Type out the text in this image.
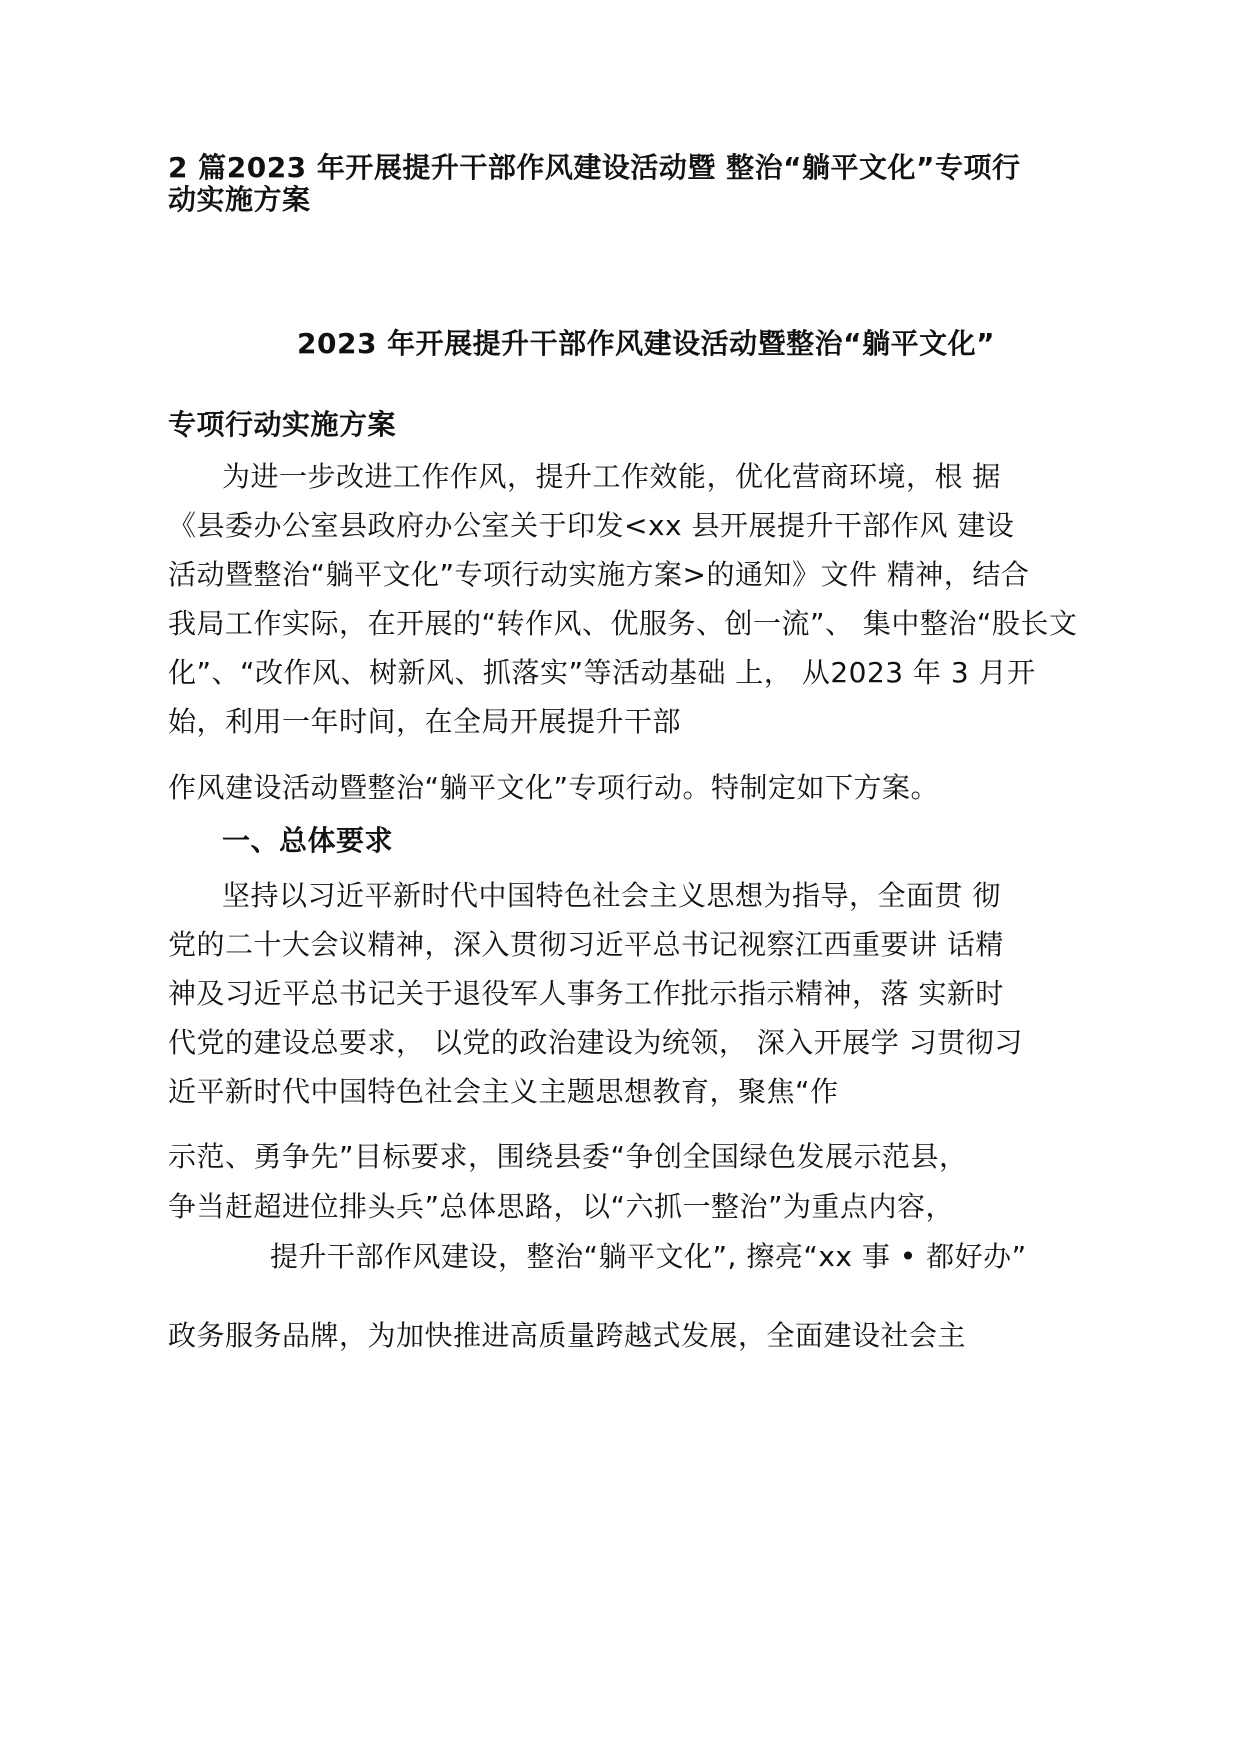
2 篇2023 年开展提升干部作风建设活动暨 整治“躺平文化”专项行
动实施方案
2023 年开展提升干部作风建设活动暨整治“躺平文化”
专项行动实施方案
为进一步改进工作作风，提升工作效能，优化营商环境，根 据
《县委办公室县政府办公室关于印发<xx 县开展提升干部作风 建设
活动暨整治“躺平文化”专项行动实施方案>的通知》文件 精神，结合
我局工作实际，在开展的“转作风、优服务、创一流”、 集中整治“股长文
化”、“改作风、树新风、抓落实”等活动基础 上， 从2023 年 3 月开
始，利用一年时间，在全局开展提升干部
作风建设活动暨整治“躺平文化”专项行动。特制定如下方案。
一、总体要求
坚持以习近平新时代中国特色社会主义思想为指导，全面贯 彻
党的二十大会议精神，深入贯彻习近平总书记视察江西重要讲 话精
神及习近平总书记关于退役军人事务工作批示指示精神，落 实新时
代党的建设总要求， 以党的政治建设为统领， 深入开展学 习贯彻习
近平新时代中国特色社会主义主题思想教育，聚焦“作
示范、勇争先”目标要求，围绕县委“争创全国绿色发展示范县，
争当赶超进位排头兵”总体思路，以“六抓一整治”为重点内容，
提升干部作风建设，整治“躺平文化”, 擦亮“xx 事 • 都好办”
政务服务品牌，为加快推进高质量跨越式发展，全面建设社会主
